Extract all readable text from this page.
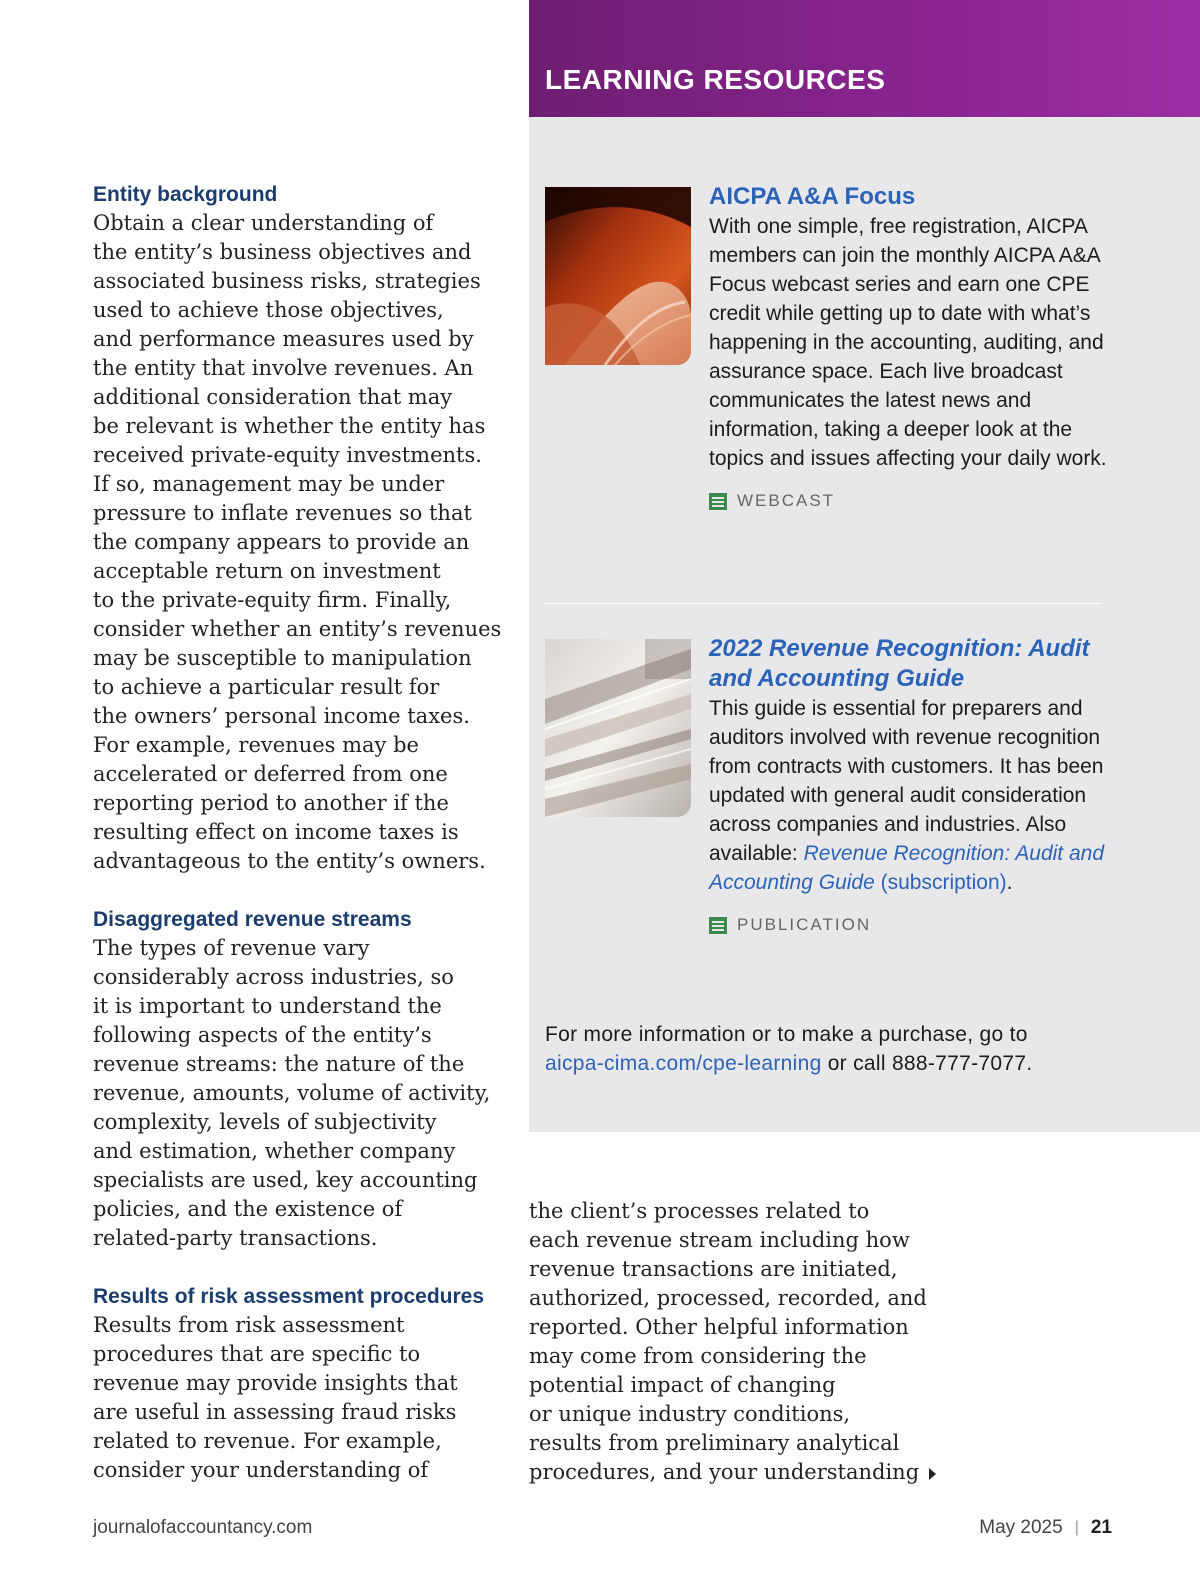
Entity background

Obtain a clear understanding of
the entity’s business objectives and
associated business risks, strategies
used to achieve those objectives,
and performance measures used by
the entity that involve revenues. An
additional consideration that may
be relevant is whether the entity has
received private-equity investments.
If so, management may be under
pressure to inflate revenues so that
the company appears to provide an
acceptable return on investment
to the private-equity firm. Finally,
consider whether an entity’s revenues
may be susceptible to manipulation
to achieve a particular result for
the owners’ personal income taxes.
For example, revenues may be
accelerated or deferred from one
reporting period to another if the
resulting effect on income taxes is
advantageous to the entity’s owners.

Disaggregated revenue streams

The types of revenue vary
considerably across industries, so
it is important to understand the
following aspects of the entity’s
revenue streams: the nature of the
revenue, amounts, volume of activity,
complexity, levels of subjectivity
and estimation, whether company
specialists are used, key accounting
policies, and the existence of
related-party transactions.

Results of risk assessment procedures

Results from risk assessment
procedures that are specific to
revenue may provide insights that
are useful in assessing fraud risks
related to revenue. For example,
consider your understanding of

LEARNING RESOURCES
AICPA A&A Focus

With one simple, free registration, AICPA members can join the monthly AICPA A&A Focus webcast series and earn one CPE credit while getting up to date with what’s happening in the accounting, auditing, and assurance space. Each live broadcast communicates the latest news and information, taking a deeper look at the topics and issues affecting your daily work.

WEBCAST
2022 Revenue Recognition: Audit and Accounting Guide

This guide is essential for preparers and auditors involved with revenue recognition from contracts with customers. It has been updated with general audit consideration across companies and industries. Also available: Revenue Recognition: Audit and Accounting Guide (subscription).

PUBLICATION

For more information or to make a purchase, go to
aicpa-cima.com/cpe-learning or call 888-777-7077.

the client’s processes related to
each revenue stream including how
revenue transactions are initiated,
authorized, processed, recorded, and
reported. Other helpful information
may come from considering the
potential impact of changing
or unique industry conditions,
results from preliminary analytical
procedures, and your understanding

journalofaccountancy.com	May 2025 | 21
